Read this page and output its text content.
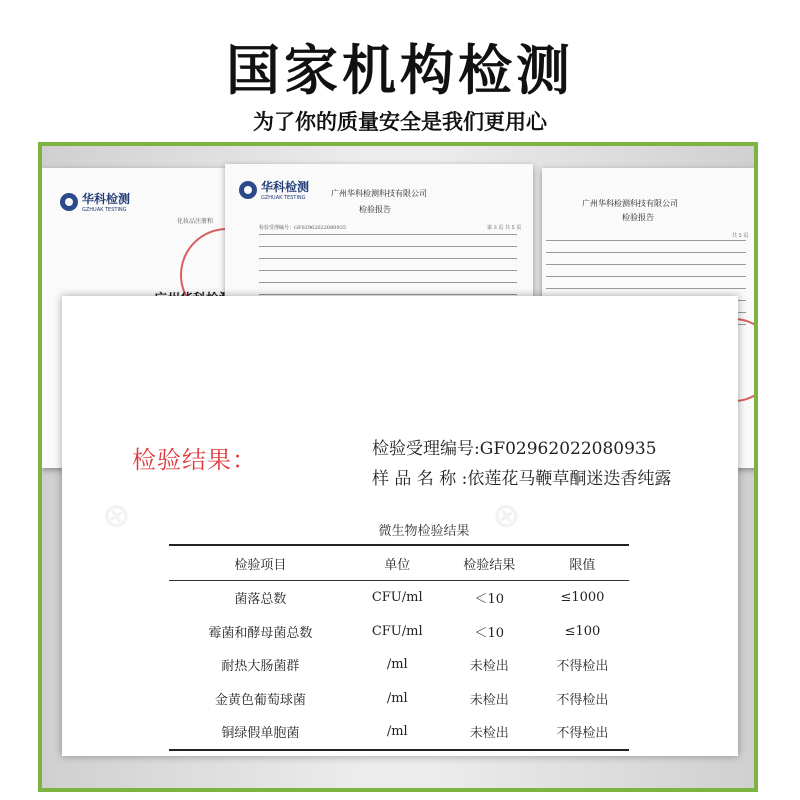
国家机构检测
为了你的质量安全是我们更用心
华科检测
GZHUAK TESTING
化妆品注册和
广州华科检测科技有限公司
检验报告
共 5 页
华科检测
GZHUAK TESTING	广州华科检测科技有限公司
检验报告
检验受理编号：GF02962022080935	第 3 页 共 5 页
⊕	⊕
检验结果：	检验受理编号:GF02962022080935
样 品 名 称 :依莲花马鞭草酮迷迭香纯露
微生物检验结果
检验项目	单位	检验结果	限值
菌落总数	CFU/ml	＜10	≤1000
霉菌和酵母菌总数	CFU/ml	＜10	≤100
耐热大肠菌群	/ml	未检出	不得检出
金黄色葡萄球菌	/ml	未检出	不得检出
铜绿假单胞菌	/ml	未检出	不得检出
